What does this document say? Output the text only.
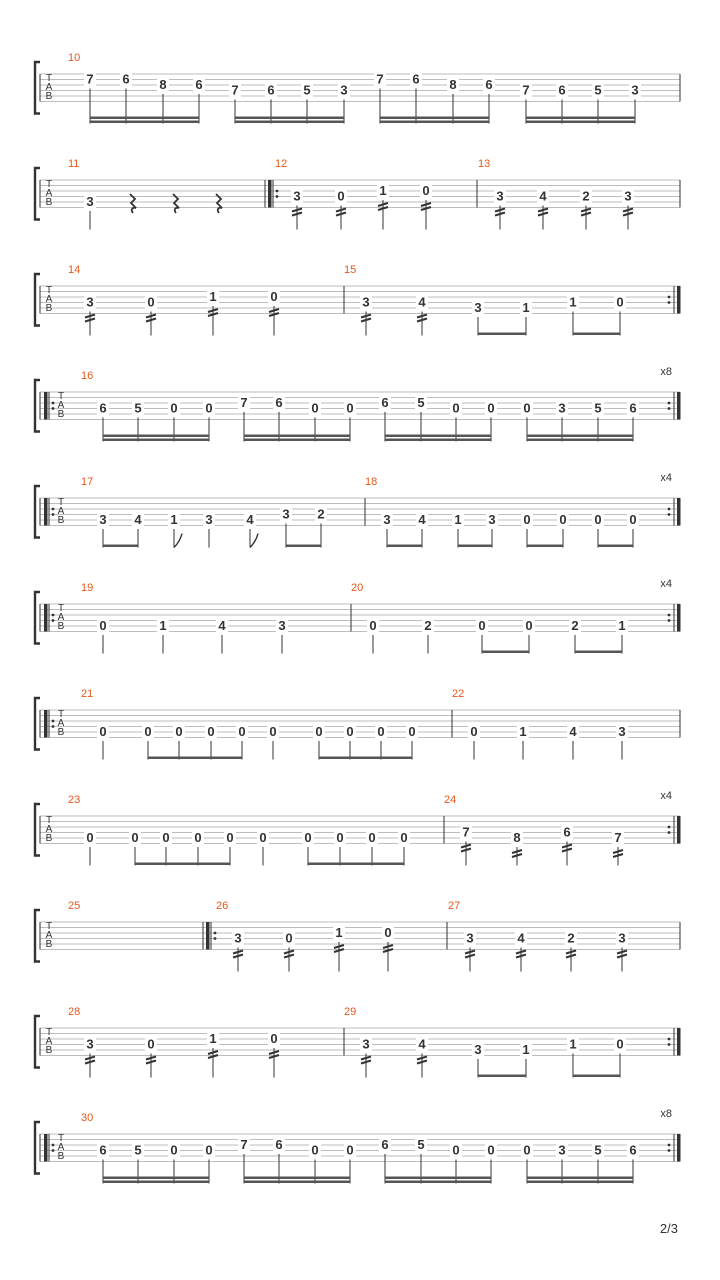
T
A
B
10
7 6 8 6 7 6 5 3
7 6 8 6 7 6 5 3
T
A
B
11	12	13
3	3	0	1	0	3	4	2	3
T
A
B
14	15
3	0	1	0	3	4	3	1	1	0
T
A
B
16	x8
6 5 0 0 7 6 0 0 6 5 0 0 0 3 5 6
T
A
B
17	18	x4
3 4 1 3	4 3 2	3 4 1 3 0 0 0 0
T
A
B
19	20	x4
0	1	4	3	0	2	0	0	2	1
T
A
B
21	22
0	0 0 0 0 0	0 0 0 0	0	1	4	3
T
A
B
23	24	x4
0	0 0 0 0 0	0 0 0 0	7	8	6	7
T
A
B
25	26	27
3	0	1	0	3	4	2	3
T
A
B
28	29
3	0	1	0	3	4	3	1	1	0
T
A
B
30	x8
6 5 0 0 7 6 0 0 6 5 0 0 0 3 5 6
2/3
